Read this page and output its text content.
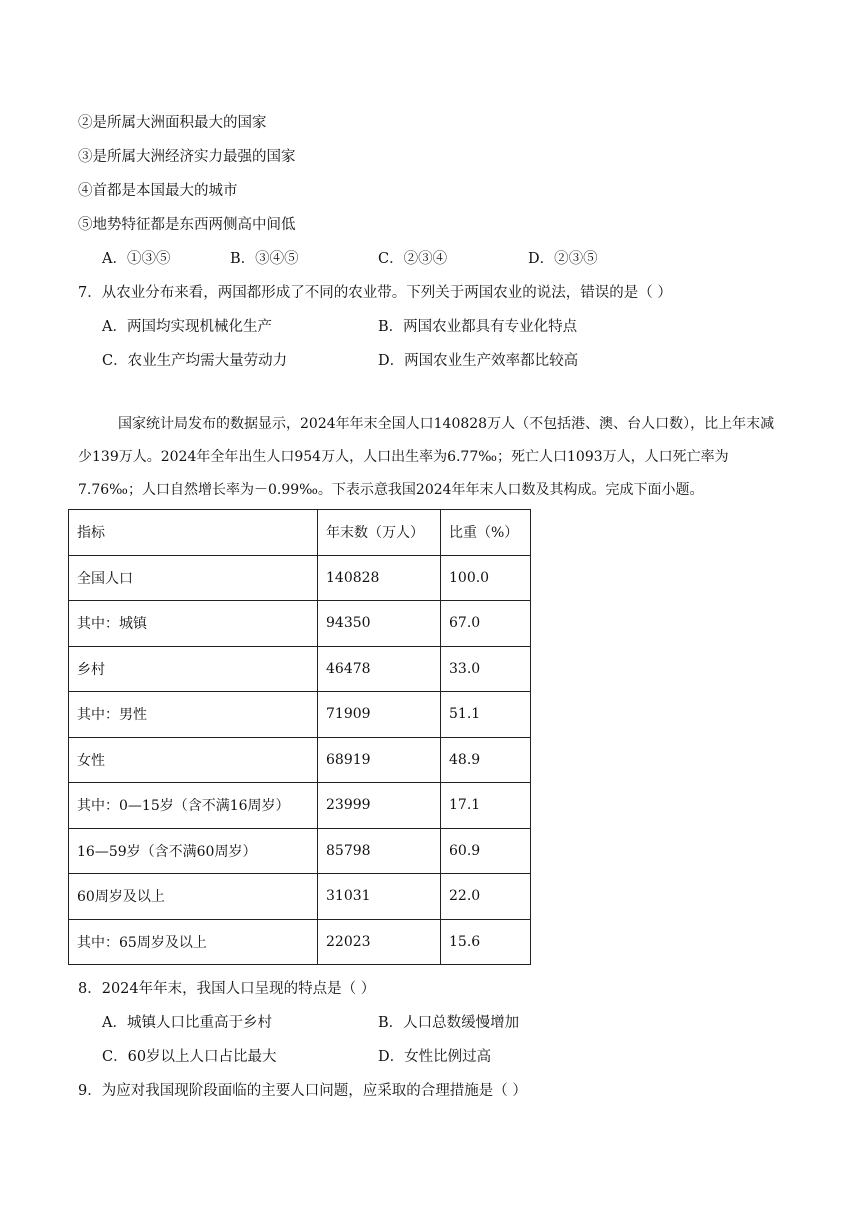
②是所属大洲面积最大的国家
③是所属大洲经济实力最强的国家
④首都是本国最大的城市
⑤地势特征都是东西两侧高中间低
A．①③⑤	B．③④⑤	C．②③④	D．②③⑤
7．从农业分布来看，两国都形成了不同的农业带。下列关于两国农业的说法，错误的是（ ）
A．两国均实现机械化生产	B．两国农业都具有专业化特点
C．农业生产均需大量劳动力	D．两国农业生产效率都比较高
国家统计局发布的数据显示，2024年年末全国人口140828万人（不包括港、澳、台人口数），比上年末减少139万人。2024年全年出生人口954万人，人口出生率为6.77‰；死亡人口1093万人，人口死亡率为7.76‰；人口自然增长率为－0.99‰。下表示意我国2024年年末人口数及其构成。完成下面小题。
指标	年末数（万人）	比重（%）
全国人口	140828	100.0
其中：城镇	94350	67.0
乡村	46478	33.0
其中：男性	71909	51.1
女性	68919	48.9
其中：0—15岁（含不满16周岁）	23999	17.1
16—59岁（含不满60周岁）	85798	60.9
60周岁及以上	31031	22.0
其中：65周岁及以上	22023	15.6
8．2024年年末，我国人口呈现的特点是（ ）
A．城镇人口比重高于乡村	B．人口总数缓慢增加
C．60岁以上人口占比最大	D．女性比例过高
9．为应对我国现阶段面临的主要人口问题，应采取的合理措施是（ ）
